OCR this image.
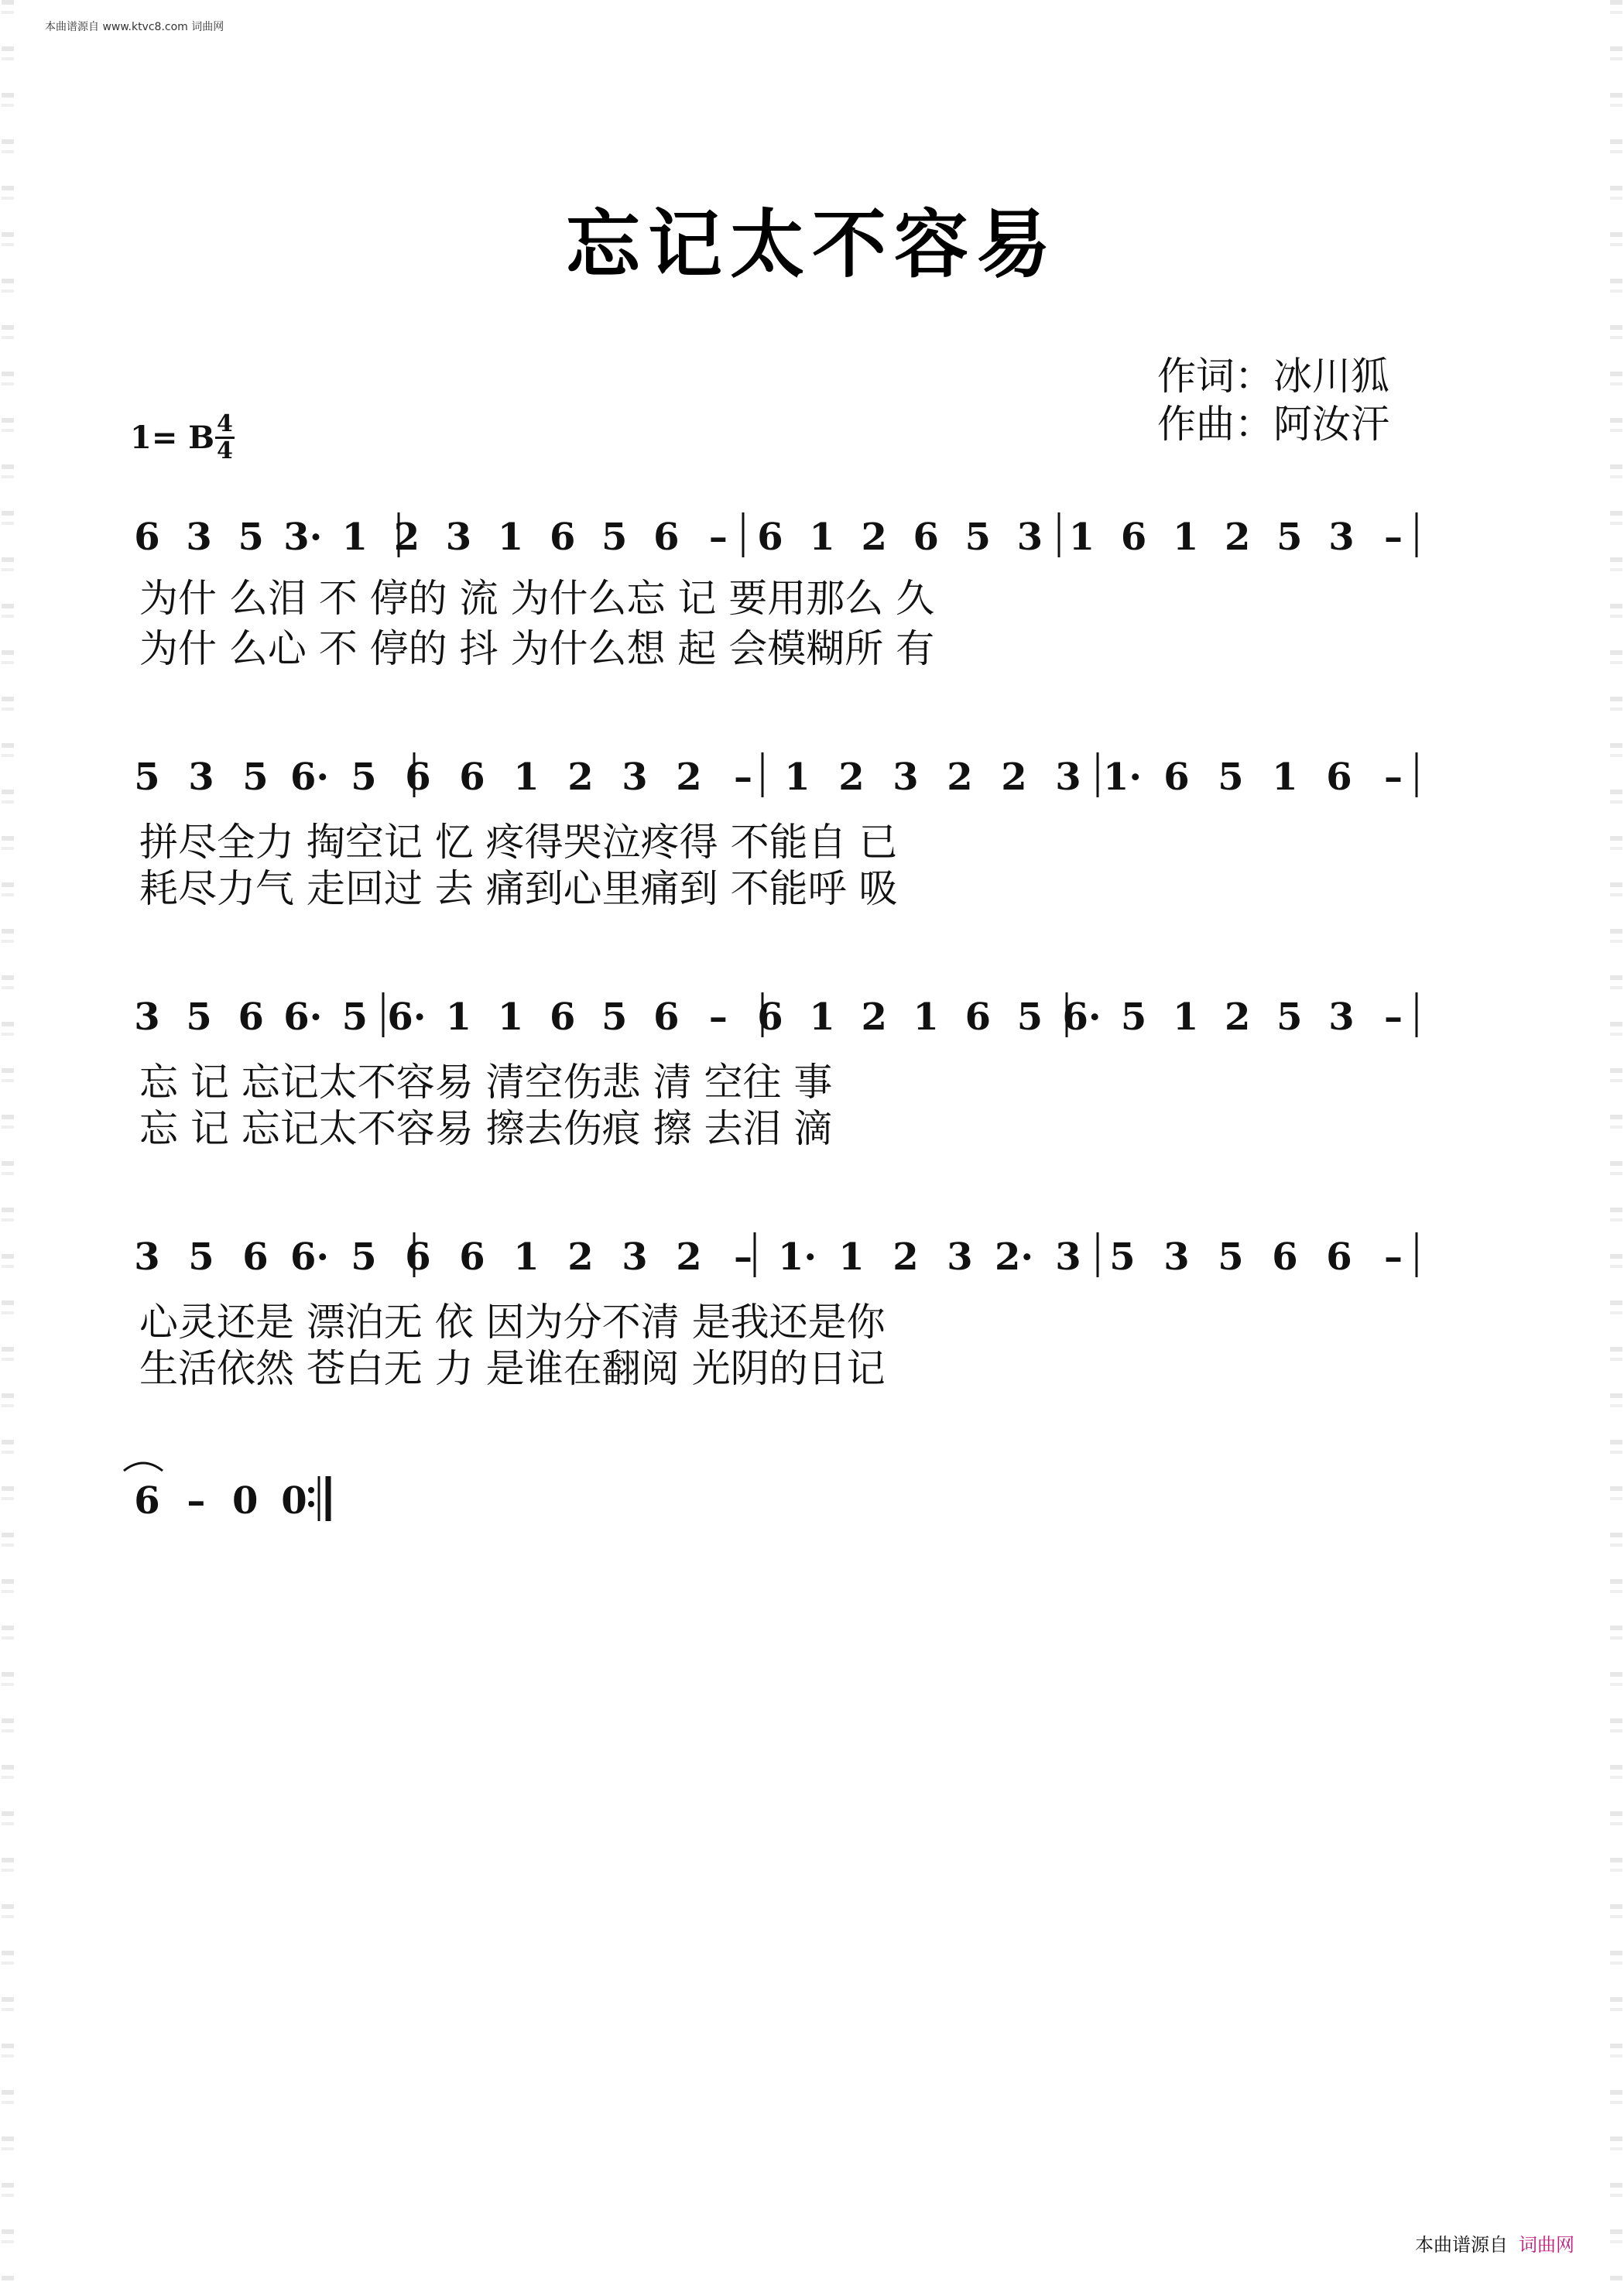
本曲谱源自 www.ktvc8.com 词曲网
忘记太不容易
作词：冰川狐
作曲：阿汝汗
1= B $\frac{4}{4}$
6 3 5 3· 1 2 3 1 6 5 6 – 6 1 2 6 5 3 1 6 1 2 5 3 –
为什 么泪 不 停的 流 为什么忘 记 要用那么 久
为什 么心 不 停的 抖 为什么想 起 会模糊所 有
5 3 5 6· 5 6 6 1 2 3 2 – 1 2 3 2 2 3 1· 6 5 1 6 –
拼尽全力 掏空记 忆 疼得哭泣疼得 不能自 已
耗尽力气 走回过 去 痛到心里痛到 不能呼 吸
3 5 6 6· 5 6· 1 1 6 5 6 – 6 1 2 1 6 5 6· 5 1 2 5 3 –
忘 记 忘记太不容易 清空伤悲 清 空往 事
忘 记 忘记太不容易 擦去伤痕 擦 去泪 滴
3 5 6 6· 5 6 6 1 2 3 2 – 1· 1 2 3 2· 3 5 3 5 6 6 –
心灵还是 漂泊无 依 因为分不清 是我还是你
生活依然 苍白无 力 是谁在翻阅 光阴的日记
6 – 0 0
本曲谱源自 词曲网
